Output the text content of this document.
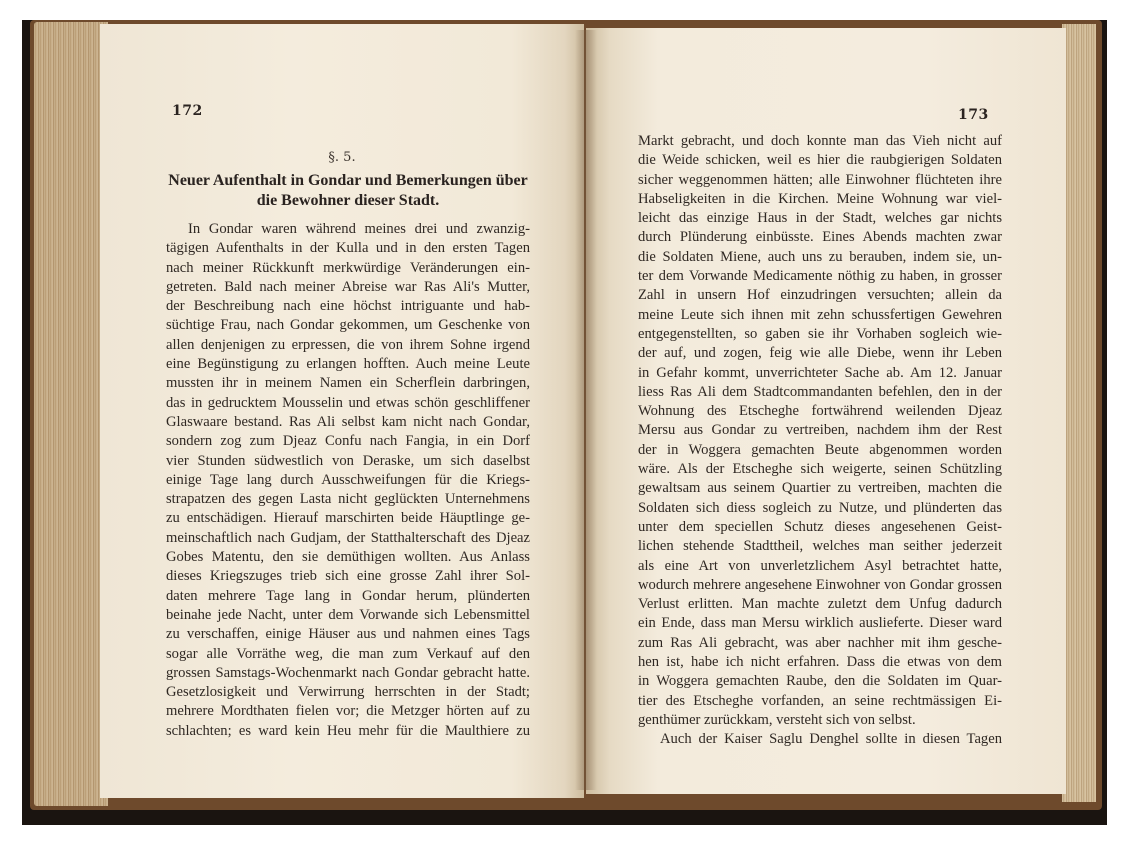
172
§. 5.
Neuer Aufenthalt in Gondar und Bemerkungen über
die Bewohner dieser Stadt.
In Gondar waren während meines drei und zwanzig-
tägigen Aufenthalts in der Kulla und in den ersten Tagen
nach meiner Rückkunft merkwürdige Veränderungen ein-
getreten. Bald nach meiner Abreise war Ras Ali's Mutter,
der Beschreibung nach eine höchst intriguante und hab-
süchtige Frau, nach Gondar gekommen, um Geschenke von
allen denjenigen zu erpressen, die von ihrem Sohne irgend
eine Begünstigung zu erlangen hofften. Auch meine Leute
mussten ihr in meinem Namen ein Scherflein darbringen,
das in gedrucktem Mousselin und etwas schön geschliffener
Glaswaare bestand. Ras Ali selbst kam nicht nach Gondar,
sondern zog zum Djeaz Confu nach Fangia, in ein Dorf
vier Stunden südwestlich von Deraske, um sich daselbst
einige Tage lang durch Ausschweifungen für die Kriegs-
strapatzen des gegen Lasta nicht geglückten Unternehmens
zu entschädigen. Hierauf marschirten beide Häuptlinge ge-
meinschaftlich nach Gudjam, der Statthalterschaft des Djeaz
Gobes Matentu, den sie demüthigen wollten. Aus Anlass
dieses Kriegszuges trieb sich eine grosse Zahl ihrer Sol-
daten mehrere Tage lang in Gondar herum, plünderten
beinahe jede Nacht, unter dem Vorwande sich Lebensmittel
zu verschaffen, einige Häuser aus und nahmen eines Tags
sogar alle Vorräthe weg, die man zum Verkauf auf den
grossen Samstags-Wochenmarkt nach Gondar gebracht hatte.
Gesetzlosigkeit und Verwirrung herrschten in der Stadt;
mehrere Mordthaten fielen vor; die Metzger hörten auf zu
schlachten; es ward kein Heu mehr für die Maulthiere zu
173
Markt gebracht, und doch konnte man das Vieh nicht auf
die Weide schicken, weil es hier die raubgierigen Soldaten
sicher weggenommen hätten; alle Einwohner flüchteten ihre
Habseligkeiten in die Kirchen. Meine Wohnung war viel-
leicht das einzige Haus in der Stadt, welches gar nichts
durch Plünderung einbüsste. Eines Abends machten zwar
die Soldaten Miene, auch uns zu berauben, indem sie, un-
ter dem Vorwande Medicamente nöthig zu haben, in grosser
Zahl in unsern Hof einzudringen versuchten; allein da
meine Leute sich ihnen mit zehn schussfertigen Gewehren
entgegenstellten, so gaben sie ihr Vorhaben sogleich wie-
der auf, und zogen, feig wie alle Diebe, wenn ihr Leben
in Gefahr kommt, unverrichteter Sache ab. Am 12. Januar
liess Ras Ali dem Stadtcommandanten befehlen, den in der
Wohnung des Etscheghe fortwährend weilenden Djeaz
Mersu aus Gondar zu vertreiben, nachdem ihm der Rest
der in Woggera gemachten Beute abgenommen worden
wäre. Als der Etscheghe sich weigerte, seinen Schützling
gewaltsam aus seinem Quartier zu vertreiben, machten die
Soldaten sich diess sogleich zu Nutze, und plünderten das
unter dem speciellen Schutz dieses angesehenen Geist-
lichen stehende Stadttheil, welches man seither jederzeit
als eine Art von unverletzlichem Asyl betrachtet hatte,
wodurch mehrere angesehene Einwohner von Gondar grossen
Verlust erlitten. Man machte zuletzt dem Unfug dadurch
ein Ende, dass man Mersu wirklich auslieferte. Dieser ward
zum Ras Ali gebracht, was aber nachher mit ihm gesche-
hen ist, habe ich nicht erfahren. Dass die etwas von dem
in Woggera gemachten Raube, den die Soldaten im Quar-
tier des Etscheghe vorfanden, an seine rechtmässigen Ei-
genthümer zurückkam, versteht sich von selbst.
Auch der Kaiser Saglu Denghel sollte in diesen Tagen
